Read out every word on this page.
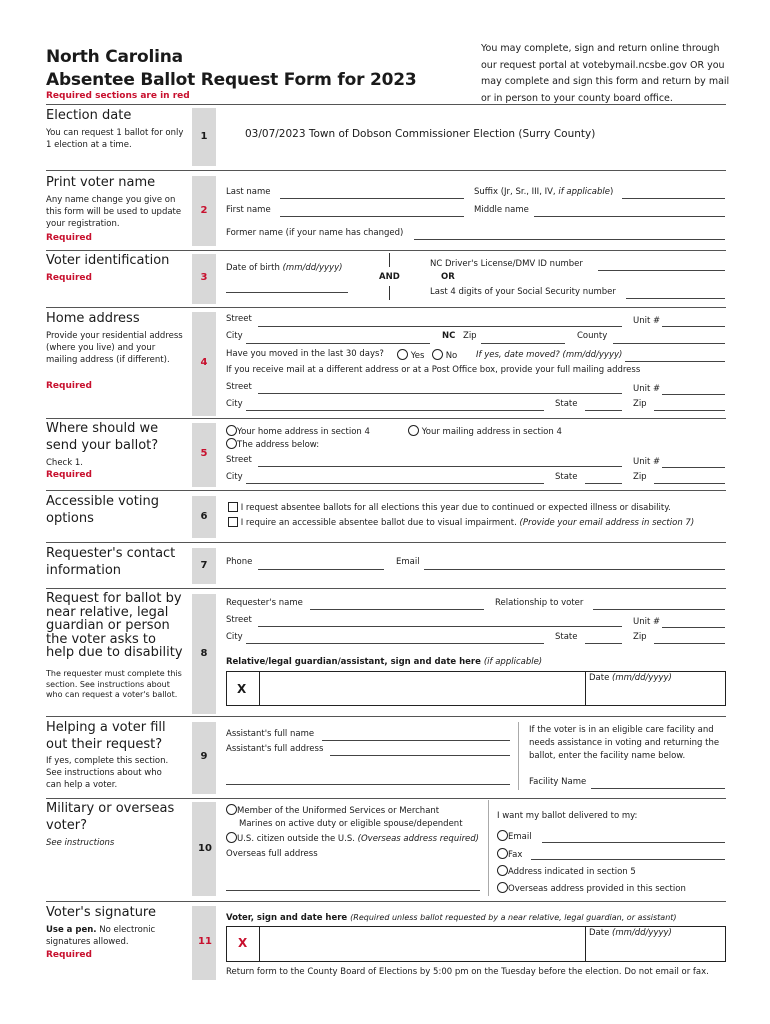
North Carolina
Absentee Ballot Request Form for 2023
Required sections are in red
You may complete, sign and return online through our request portal at votebymail.ncsbe.gov OR you may complete and sign this form and return by mail or in person to your county board office.
Election date
You can request 1 ballot for only 1 election at a time.
1	03/07/2023 Town of Dobson Commissioner Election (Surry County)
Print voter name
Any name change you give on this form will be used to update your registration.
Required
2
Last name	Suffix (Jr, Sr., III, IV, if applicable)
First name	Middle name
Former name (if your name has changed)
Voter identification
Required	3
Date of birth (mm/dd/yyyy)
AND
NC Driver's License/DMV ID number
OR
Last 4 digits of your Social Security number
Home address
Provide your residential address (where you live) and your mailing address (if different).
Required
4
Street	Unit #
City	NC Zip	County
Have you moved in the last 30 days?	Yes	No If yes, date moved? (mm/dd/yyyy)
If you receive mail at a different address or at a Post Office box, provide your full mailing address
Street	Unit #
City	State	Zip
Where should we send your ballot?
Check 1.
Required
5
Your home address in section 4	Your mailing address in section 4
The address below:
Street	Unit #
City	State	Zip
Accessible voting options	6
I request absentee ballots for all elections this year due to continued or expected illness or disability.
I require an accessible absentee ballot due to visual impairment. (Provide your email address in section 7)
Requester's contact information	7 Phone	Email
Request for ballot by near relative, legal guardian or person the voter asks to help due to disability
The requester must complete this section. See instructions about who can request a voter's ballot.
8
Requester's name	Relationship to voter
Street	Unit #
City	State	Zip
Relative/legal guardian/assistant, sign and date here (if applicable)
X
Date (mm/dd/yyyy)
Helping a voter fill out their request?
If yes, complete this section. See instructions about who can help a voter.
9
Assistant's full name
Assistant's full address
If the voter is in an eligible care facility and needs assistance in voting and returning the ballot, enter the facility name below.
Facility Name
Military or overseas voter?
See instructions	10
Member of the Uniformed Services or Merchant
Marines on active duty or eligible spouse/dependent
U.S. citizen outside the U.S. (Overseas address required)
Overseas full address
I want my ballot delivered to my:
Email
Fax
Address indicated in section 5
Overseas address provided in this section
Voter's signature
Use a pen. No electronic signatures allowed.
Required
11
Voter, sign and date here (Required unless ballot requested by a near relative, legal guardian, or assistant)
X
Date (mm/dd/yyyy)
Return form to the County Board of Elections by 5:00 pm on the Tuesday before the election. Do not email or fax.
